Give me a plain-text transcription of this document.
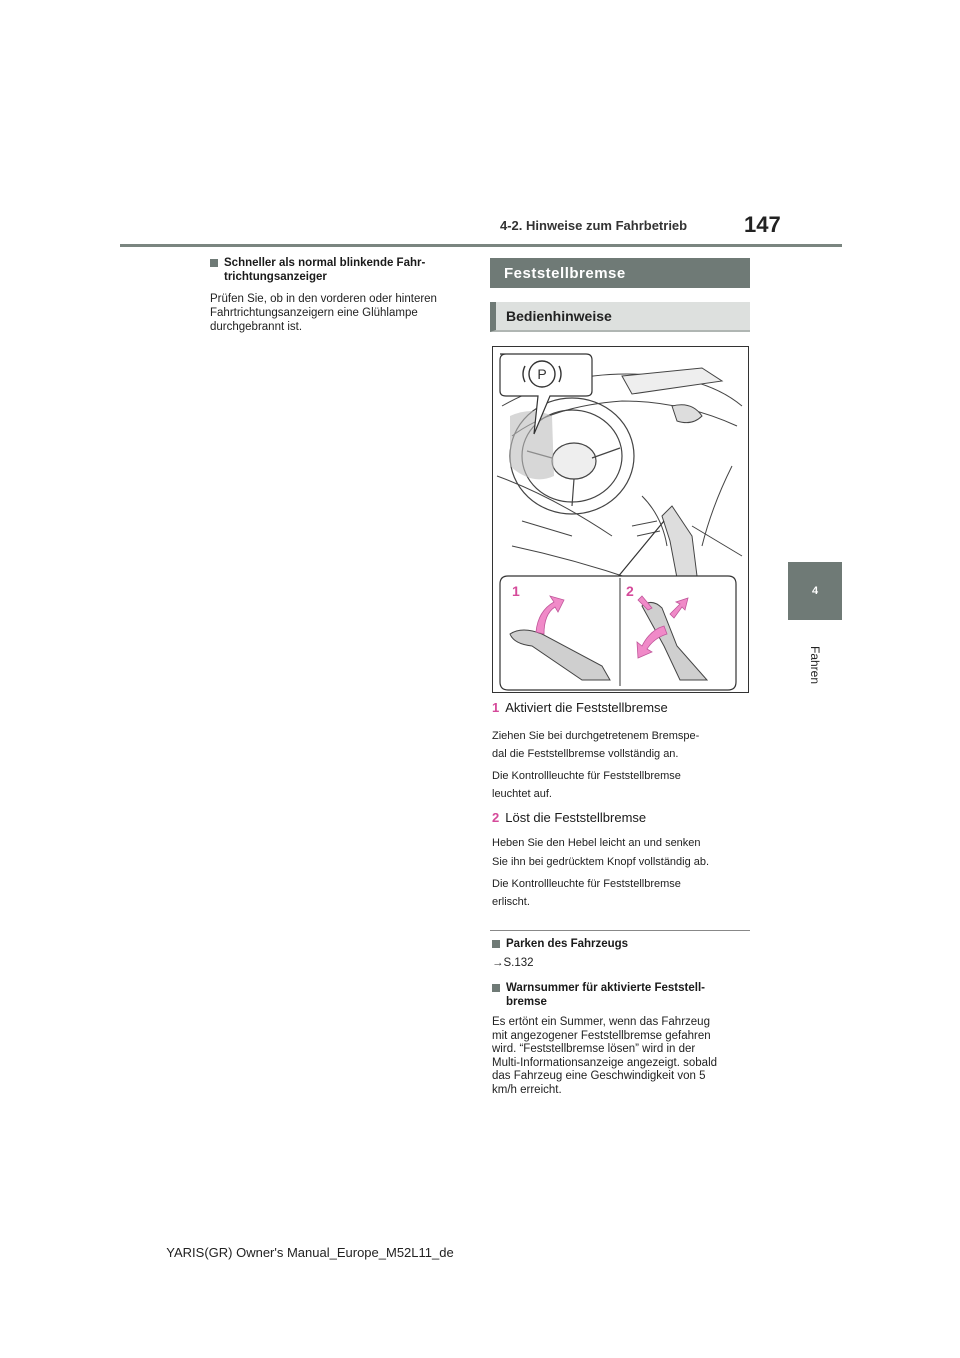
4-2. Hinweise zum Fahrbetrieb	147
4
Fahren
Schneller als normal blinkende Fahr-
trichtungsanzeiger
Prüfen Sie, ob in den vorderen oder hinteren
Fahrtrichtungsanzeigern eine Glühlampe
durchgebrannt ist.
Feststellbremse
Bedienhinweise
P
1	2
1 Aktiviert die Feststellbremse
Ziehen Sie bei durchgetretenem Bremspe-
dal die Feststellbremse vollständig an.
Die Kontrollleuchte für Feststellbremse
leuchtet auf.
2 Löst die Feststellbremse
Heben Sie den Hebel leicht an und senken
Sie ihn bei gedrücktem Knopf vollständig ab.
Die Kontrollleuchte für Feststellbremse
erlischt.
Parken des Fahrzeugs
→S.132
Warnsummer für aktivierte Feststell-
bremse
Es ertönt ein Summer, wenn das Fahrzeug
mit angezogener Feststellbremse gefahren
wird. “Feststellbremse lösen” wird in der
Multi-Informationsanzeige angezeigt. sobald
das Fahrzeug eine Geschwindigkeit von 5
km/h erreicht.
YARIS(GR) Owner's Manual_Europe_M52L11_de
